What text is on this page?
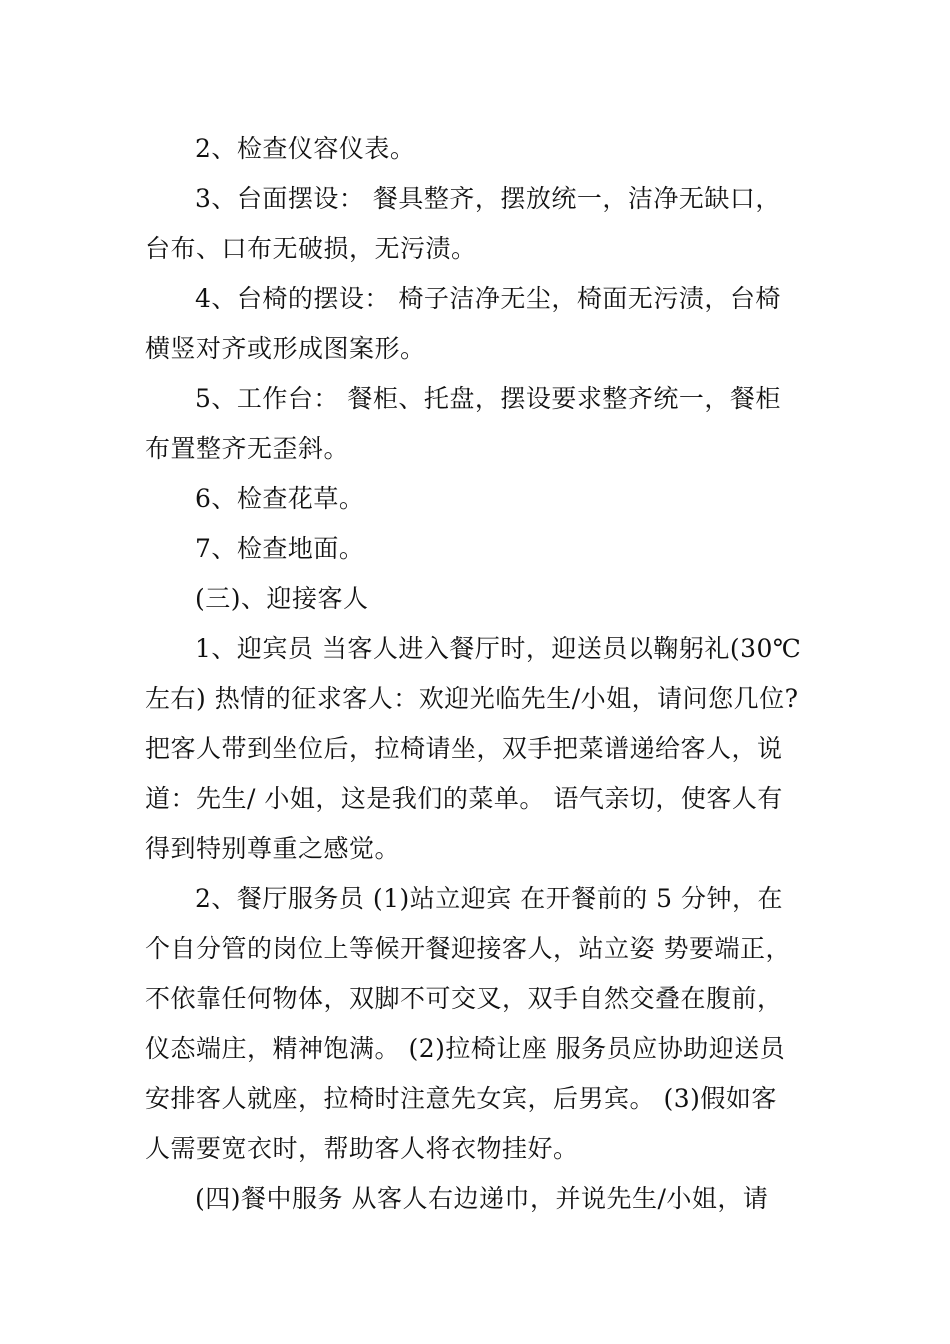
2、检查仪容仪表。
3、台面摆设： 餐具整齐，摆放统一，洁净无缺口，
台布、口布无破损，无污渍。
4、台椅的摆设： 椅子洁净无尘，椅面无污渍，台椅
横竖对齐或形成图案形。
5、工作台： 餐柜、托盘，摆设要求整齐统一，餐柜
布置整齐无歪斜。
6、检查花草。
7、检查地面。
(三)、迎接客人
1、迎宾员 当客人进入餐厅时，迎送员以鞠躬礼(30℃
左右) 热情的征求客人：欢迎光临先生/小姐，请问您几位?
把客人带到坐位后，拉椅请坐，双手把菜谱递给客人，说
道：先生/ 小姐，这是我们的菜单。 语气亲切，使客人有
得到特别尊重之感觉。
2、餐厅服务员 (1)站立迎宾 在开餐前的 5 分钟，在
个自分管的岗位上等候开餐迎接客人，站立姿 势要端正，
不依靠任何物体，双脚不可交叉，双手自然交叠在腹前，
仪态端庄，精神饱满。 (2)拉椅让座 服务员应协助迎送员
安排客人就座，拉椅时注意先女宾，后男宾。 (3)假如客
人需要宽衣时，帮助客人将衣物挂好。
(四)餐中服务 从客人右边递巾，并说先生/小姐，请
